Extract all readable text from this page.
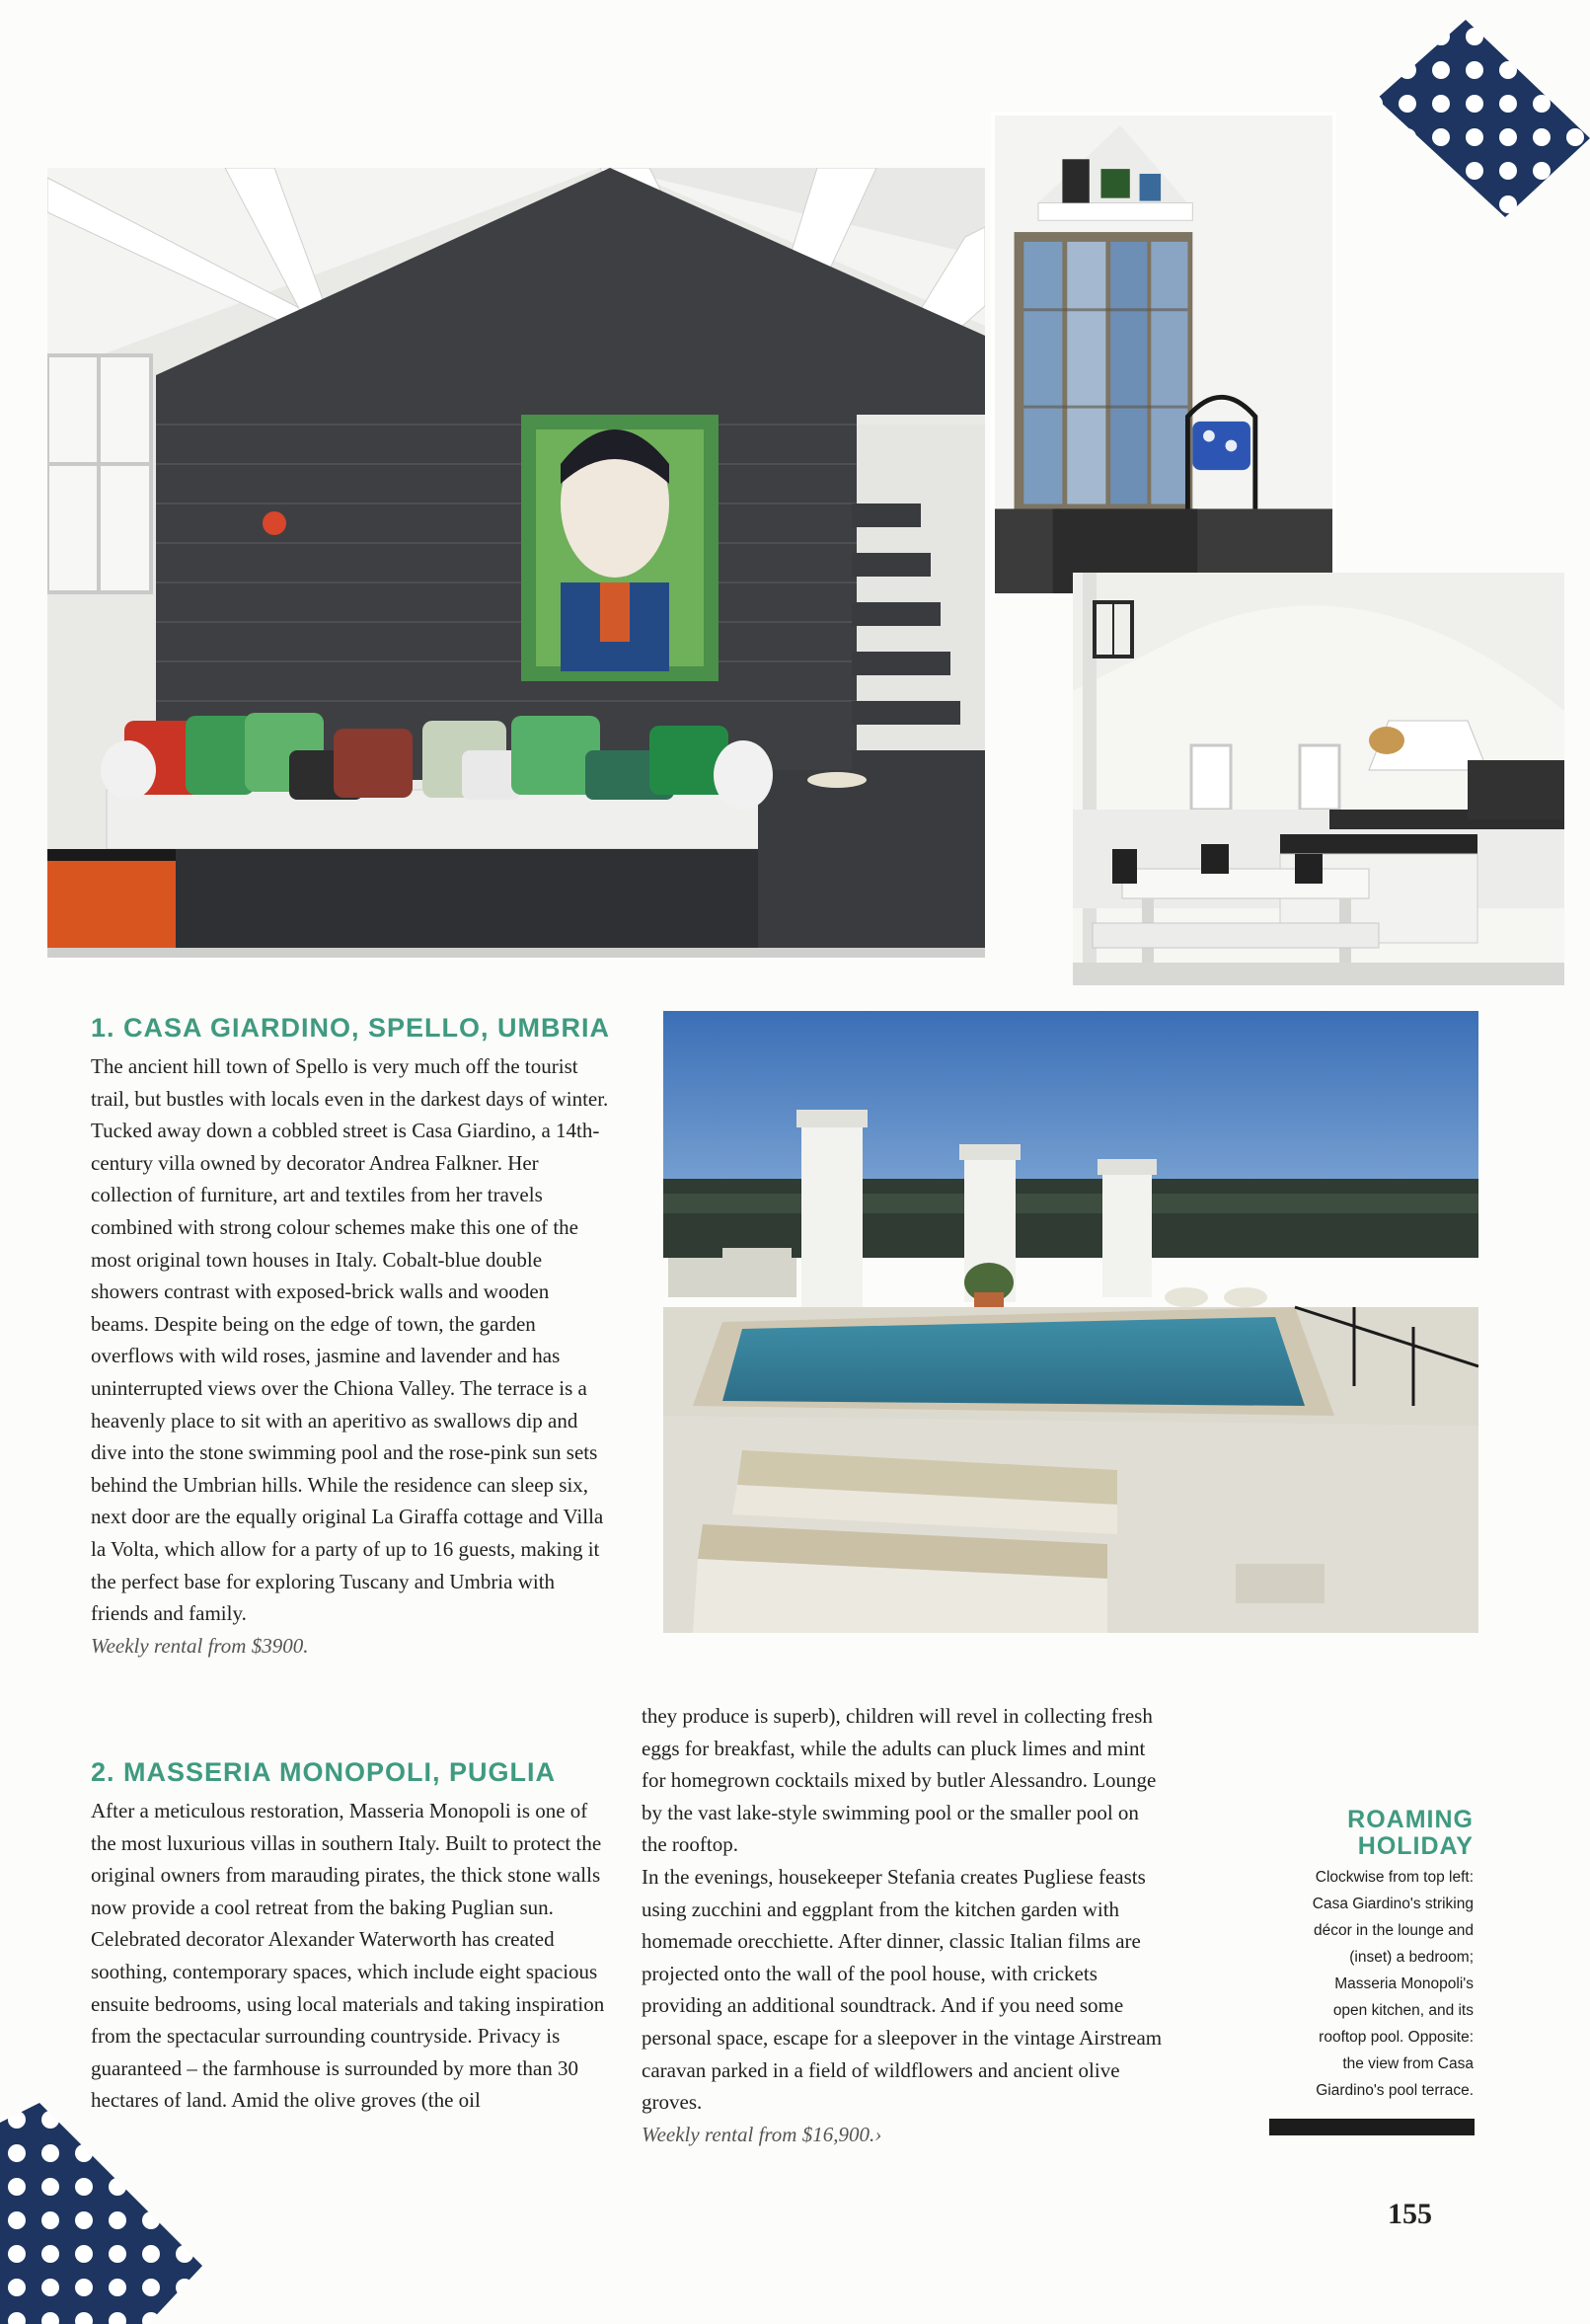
1. CASA GIARDINO, SPELLO, UMBRIA

The ancient hill town of Spello is very much off the tourist trail, but bustles with locals even in the darkest days of winter. Tucked away down a cobbled street is Casa Giardino, a 14th-century villa owned by decorator Andrea Falkner. Her collection of furniture, art and textiles from her travels combined with strong colour schemes make this one of the most original town houses in Italy. Cobalt-blue double showers contrast with exposed-brick walls and wooden beams. Despite being on the edge of town, the garden overflows with wild roses, jasmine and lavender and has uninterrupted views over the Chiona Valley. The terrace is a heavenly place to sit with an aperitivo as swallows dip and dive into the stone swimming pool and the rose-pink sun sets behind the Umbrian hills. While the residence can sleep six, next door are the equally original La Giraffa cottage and Villa la Volta, which allow for a party of up to 16 guests, making it the perfect base for exploring Tuscany and Umbria with friends and family.

Weekly rental from $3900.

2. MASSERIA MONOPOLI, PUGLIA

After a meticulous restoration, Masseria Monopoli is one of the most luxurious villas in southern Italy. Built to protect the original owners from marauding pirates, the thick stone walls now provide a cool retreat from the baking Puglian sun. Celebrated decorator Alexander Waterworth has created soothing, contemporary spaces, which include eight spacious ensuite bedrooms, using local materials and taking inspiration from the spectacular surrounding countryside. Privacy is guaranteed – the farmhouse is surrounded by more than 30 hectares of land. Amid the olive groves (the oil

they produce is superb), children will revel in collecting fresh eggs for breakfast, while the adults can pluck limes and mint for homegrown cocktails mixed by butler Alessandro. Lounge by the vast lake-style swimming pool or the smaller pool on the rooftop.

In the evenings, housekeeper Stefania creates Pugliese feasts using zucchini and eggplant from the kitchen garden with homemade orecchiette. After dinner, classic Italian films are projected onto the wall of the pool house, with crickets providing an additional soundtrack. And if you need some personal space, escape for a sleepover in the vintage Airstream caravan parked in a field of wildflowers and ancient olive groves.

Weekly rental from $16,900.›

ROAMING
HOLIDAY
Clockwise from top left:
Casa Giardino's striking
décor in the lounge and
(inset) a bedroom;
Masseria Monopoli's
open kitchen, and its
rooftop pool. Opposite:
the view from Casa
Giardino's pool terrace.
155
